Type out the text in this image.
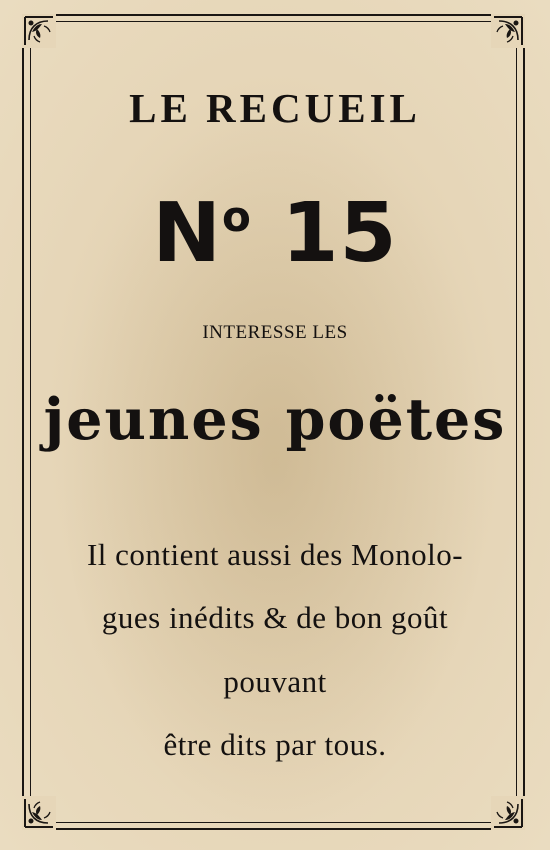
LE RECUEIL
$N^o$ 15
INTERESSE LES
jeunes poëtes
Il contient aussi des Monolo-
gues inédits & de bon goût
pouvant
être dits par tous.
